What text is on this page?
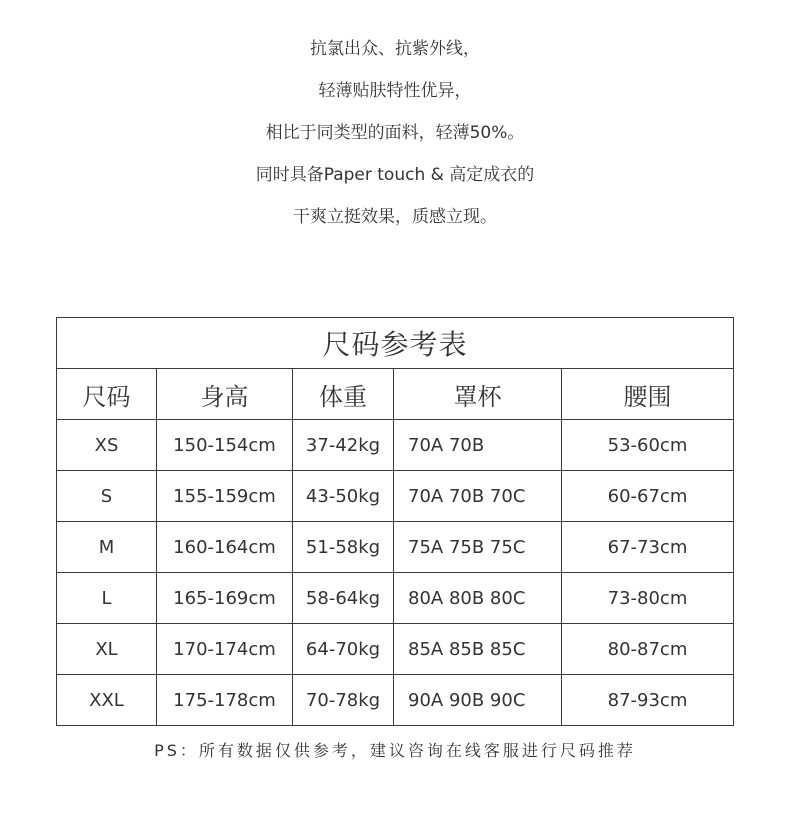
抗氯出众、抗紫外线，
轻薄贴肤特性优异，
相比于同类型的面料，轻薄50%。
同时具备Paper touch & 高定成衣的
干爽立挺效果，质感立现。
尺码参考表				
尺码	身高	体重	罩杯	腰围
XS	150-154cm	37-42kg	70A 70B	53-60cm
S	155-159cm	43-50kg	70A 70B 70C	60-67cm
M	160-164cm	51-58kg	75A 75B 75C	67-73cm
L	165-169cm	58-64kg	80A 80B 80C	73-80cm
XL	170-174cm	64-70kg	85A 85B 85C	80-87cm
XXL	175-178cm	70-78kg	90A 90B 90C	87-93cm
PS：所有数据仅供参考，建议咨询在线客服进行尺码推荐
